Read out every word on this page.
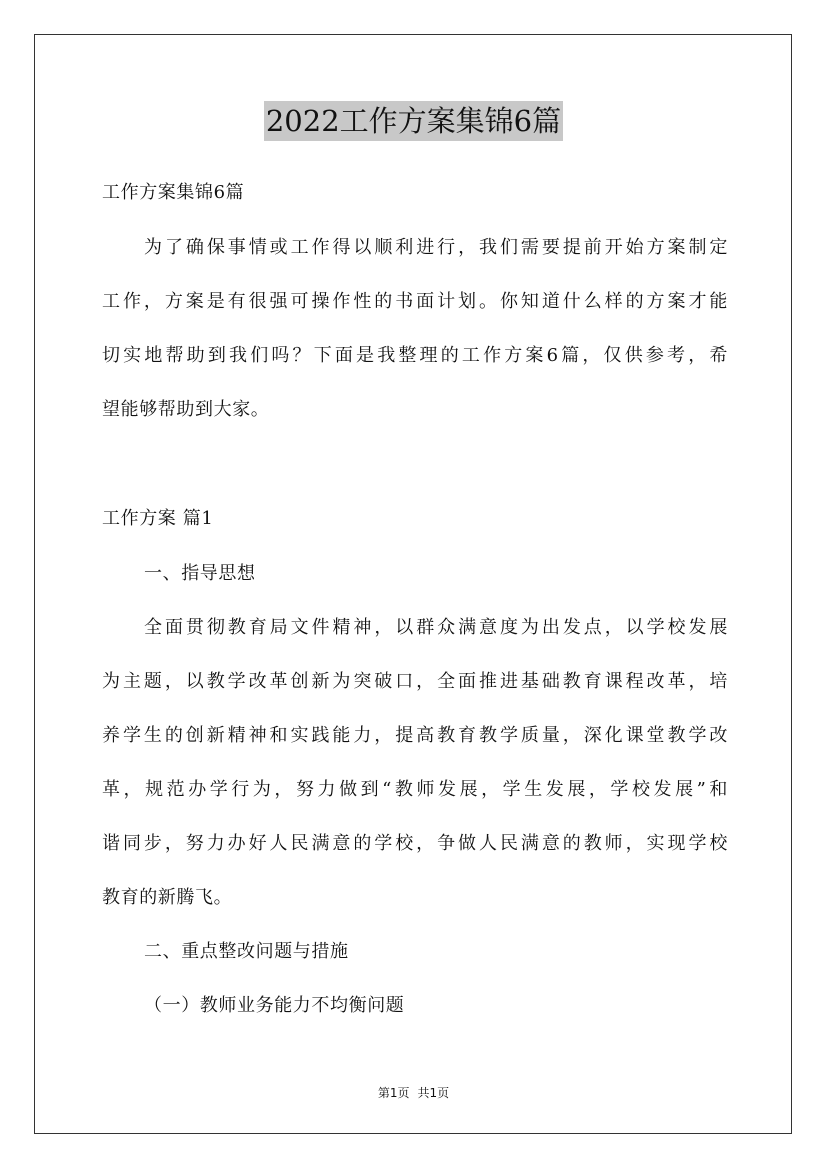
2022工作方案集锦6篇
工作方案集锦6篇
为了确保事情或工作得以顺利进行，我们需要提前开始方案制定
工作，方案是有很强可操作性的书面计划。你知道什么样的方案才能
切实地帮助到我们吗？下面是我整理的工作方案6篇，仅供参考，希
望能够帮助到大家。
工作方案 篇1
一、指导思想
全面贯彻教育局文件精神，以群众满意度为出发点，以学校发展
为主题，以教学改革创新为突破口，全面推进基础教育课程改革，培
养学生的创新精神和实践能力，提高教育教学质量，深化课堂教学改
革，规范办学行为，努力做到“教师发展，学生发展，学校发展”和
谐同步，努力办好人民满意的学校，争做人民满意的教师，实现学校
教育的新腾飞。
二、重点整改问题与措施
（一）教师业务能力不均衡问题
第1页 共1页
